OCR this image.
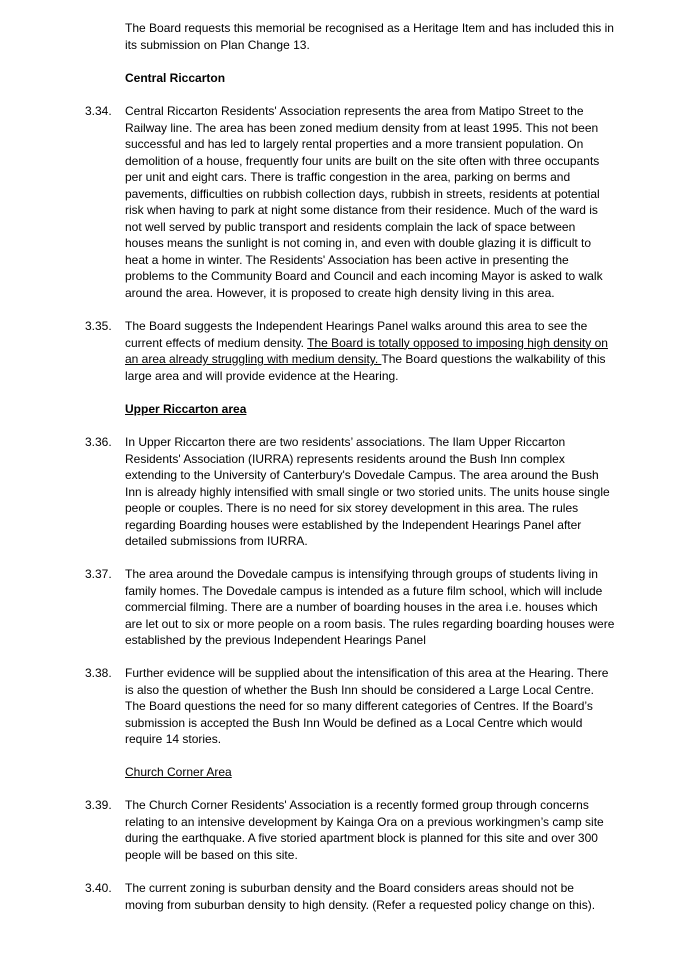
The Board requests this memorial be recognised as a Heritage Item and has included this in its submission on Plan Change 13.

Central Riccarton
3.34.	Central Riccarton Residents' Association represents the area from Matipo Street to the Railway line. The area has been zoned medium density from at least 1995. This not been successful and has led to largely rental properties and a more transient population. On demolition of a house, frequently four units are built on the site often with three occupants per unit and eight cars. There is traffic congestion in the area, parking on berms and pavements, difficulties on rubbish collection days, rubbish in streets, residents at potential risk when having to park at night some distance from their residence. Much of the ward is not well served by public transport and residents complain the lack of space between houses means the sunlight is not coming in, and even with double glazing it is difficult to heat a home in winter. The Residents' Association has been active in presenting the problems to the Community Board and Council and each incoming Mayor is asked to walk around the area. However, it is proposed to create high density living in this area.

3.35.	The Board suggests the Independent Hearings Panel walks around this area to see the current effects of medium density. The Board is totally opposed to imposing high density on an area already struggling with medium density. The Board questions the walkability of this large area and will provide evidence at the Hearing.

Upper Riccarton area
3.36.	In Upper Riccarton there are two residents’ associations. The Ilam Upper Riccarton Residents' Association (IURRA) represents residents around the Bush Inn complex extending to the University of Canterbury's Dovedale Campus. The area around the Bush Inn is already highly intensified with small single or two storied units. The units house single people or couples. There is no need for six storey development in this area. The rules regarding Boarding houses were established by the Independent Hearings Panel after detailed submissions from IURRA.

3.37.	The area around the Dovedale campus is intensifying through groups of students living in family homes. The Dovedale campus is intended as a future film school, which will include commercial filming. There are a number of boarding houses in the area i.e. houses which are let out to six or more people on a room basis. The rules regarding boarding houses were established by the previous Independent Hearings Panel

3.38.	Further evidence will be supplied about the intensification of this area at the Hearing. There is also the question of whether the Bush Inn should be considered a Large Local Centre. The Board questions the need for so many different categories of Centres. If the Board’s submission is accepted the Bush Inn Would be defined as a Local Centre which would require 14 stories.

Church Corner Area
3.39.	The Church Corner Residents' Association is a recently formed group through concerns relating to an intensive development by Kainga Ora on a previous workingmen’s camp site during the earthquake. A five storied apartment block is planned for this site and over 300 people will be based on this site.

3.40.	The current zoning is suburban density and the Board considers areas should not be moving from suburban density to high density. (Refer a requested policy change on this).
